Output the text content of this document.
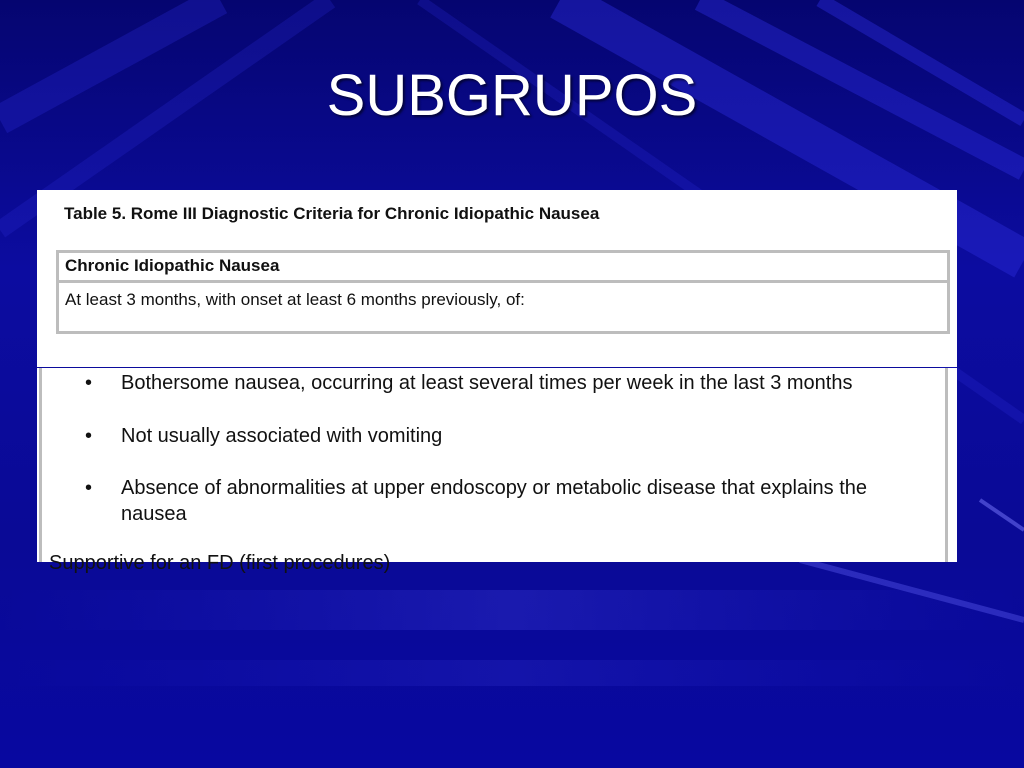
SUBGRUPOS
Table 5. Rome III Diagnostic Criteria for Chronic Idiopathic Nausea
Chronic Idiopathic Nausea
At least 3 months, with onset at least 6 months previously, of:
•	Bothersome nausea, occurring at least several times per week in the last 3 months
•	Not usually associated with vomiting
•	Absence of abnormalities at upper endoscopy or metabolic disease that explains the nausea
Supportive for an FD (first procedures)
